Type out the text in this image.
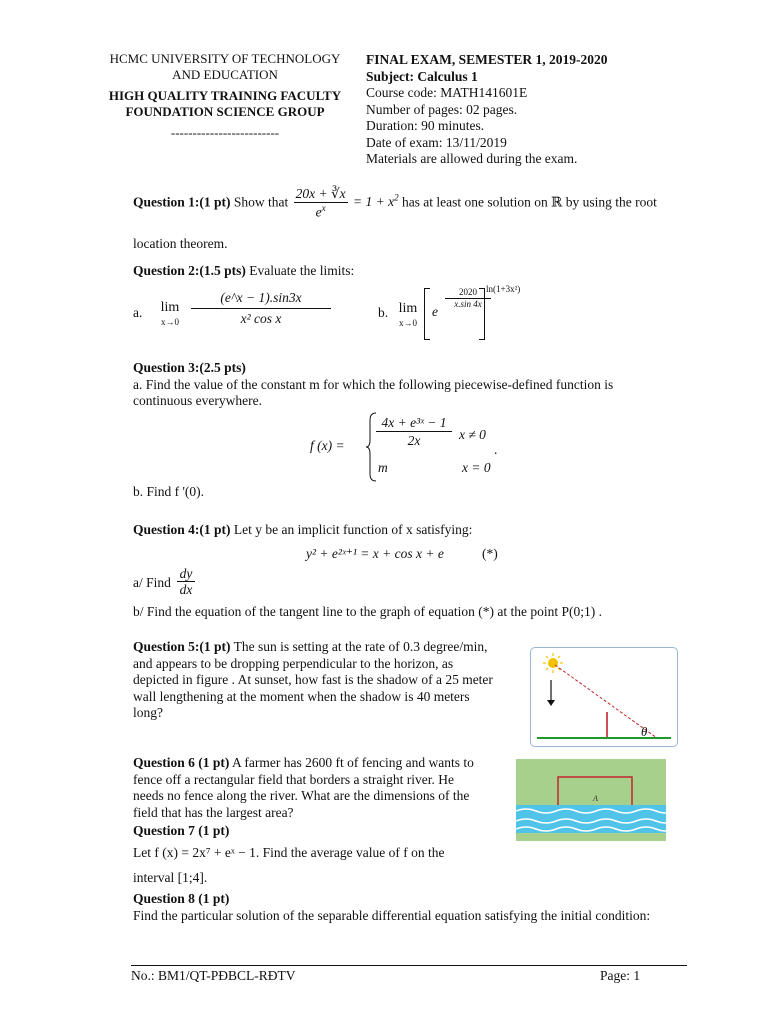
HCMC UNIVERSITY OF TECHNOLOGY
AND EDUCATION
HIGH QUALITY TRAINING FACULTY
FOUNDATION SCIENCE GROUP
-------------------------
FINAL EXAM, SEMESTER 1, 2019-2020
Subject: Calculus 1
Course code: MATH141601E
Number of pages: 02 pages.
Duration: 90 minutes.
Date of exam: 13/11/2019
Materials are allowed during the exam.
Question 1:(1 pt) Show that $\frac{20x + ∛x}{e^x} = 1 + x^2$ has at least one solution on ℝ by using the root
location theorem.
Question 2:(1.5 pts) Evaluate the limits:
a.	lim
$x\to 0 \frac{(e\^{}x - 1).\sin 3x}{\text{x² cos x}}$	b. lim
x→0
e
$\frac{2020}{x.\sin 4x}$
ln(1+3x²)
Question 3:(2.5 pts)
a. Find the value of the constant m for which the following piecewise-defined function is
continuous everywhere.
f $(x) = \frac{\text{4x + e³ˣ − 1}}{2x}$ x ≠ 0
m	x = 0
.
b. Find f '(0).
Question 4:(1 pt) Let y be an implicit function of x satisfying:
y² + e²ˣ⁺¹ = x + cos x + e	(*)
a/ Find $\frac{dy}{dx}$
b/ Find the equation of the tangent line to the graph of equation (*) at the point P(0;1) .
Question 5:(1 pt) The sun is setting at the rate of 0.3 degree/min,
and appears to be dropping perpendicular to the horizon, as
depicted in figure . At sunset, how fast is the shadow of a 25 meter
wall lengthening at the moment when the shadow is 40 meters
long?
θ
Question 6 (1 pt) A farmer has 2600 ft of fencing and wants to
fence off a rectangular field that borders a straight river. He
needs no fence along the river. What are the dimensions of the
field that has the largest area?
A
Question 7 (1 pt)
Let f (x) = 2x⁷ + eˣ − 1. Find the average value of f on the
interval [1;4].
Question 8 (1 pt)
Find the particular solution of the separable differential equation satisfying the initial condition:
No.: BM1/QT-PĐBCL-RĐTV	Page: 1
